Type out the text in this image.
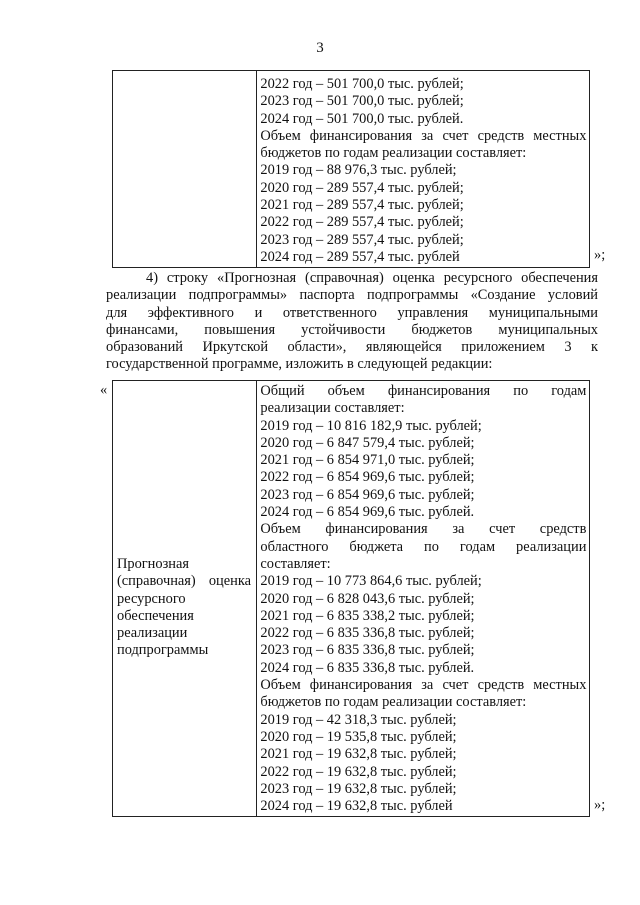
3
2022 год – 501 700,0 тыс. рублей;
2023 год – 501 700,0 тыс. рублей;
2024 год – 501 700,0 тыс. рублей.
Объем финансирования за счет средств местных
бюджетов по годам реализации составляет:
2019 год – 88 976,3 тыс. рублей;
2020 год – 289 557,4 тыс. рублей;
2021 год – 289 557,4 тыс. рублей;
2022 год – 289 557,4 тыс. рублей;
2023 год – 289 557,4 тыс. рублей;
2024 год – 289 557,4 тыс. рублей	»;
4) строку «Прогнозная (справочная) оценка ресурсного обеспечения
реализации подпрограммы» паспорта подпрограммы «Создание условий
для эффективного и ответственного управления муниципальными
финансами, повышения устойчивости бюджетов муниципальных
образований Иркутской области», являющейся приложением 3 к
государственной программе, изложить в следующей редакции:
«
Прогнозная
(справочная) оценка
ресурсного
обеспечения
реализации
подпрограммы
Общий объем финансирования по годам
реализации составляет:
2019 год – 10 816 182,9 тыс. рублей;
2020 год – 6 847 579,4 тыс. рублей;
2021 год – 6 854 971,0 тыс. рублей;
2022 год – 6 854 969,6 тыс. рублей;
2023 год – 6 854 969,6 тыс. рублей;
2024 год – 6 854 969,6 тыс. рублей.
Объем финансирования за счет средств
областного бюджета по годам реализации
составляет:
2019 год – 10 773 864,6 тыс. рублей;
2020 год – 6 828 043,6 тыс. рублей;
2021 год – 6 835 338,2 тыс. рублей;
2022 год – 6 835 336,8 тыс. рублей;
2023 год – 6 835 336,8 тыс. рублей;
2024 год – 6 835 336,8 тыс. рублей.
Объем финансирования за счет средств местных
бюджетов по годам реализации составляет:
2019 год – 42 318,3 тыс. рублей;
2020 год – 19 535,8 тыс. рублей;
2021 год – 19 632,8 тыс. рублей;
2022 год – 19 632,8 тыс. рублей;
2023 год – 19 632,8 тыс. рублей;
2024 год – 19 632,8 тыс. рублей	»;
